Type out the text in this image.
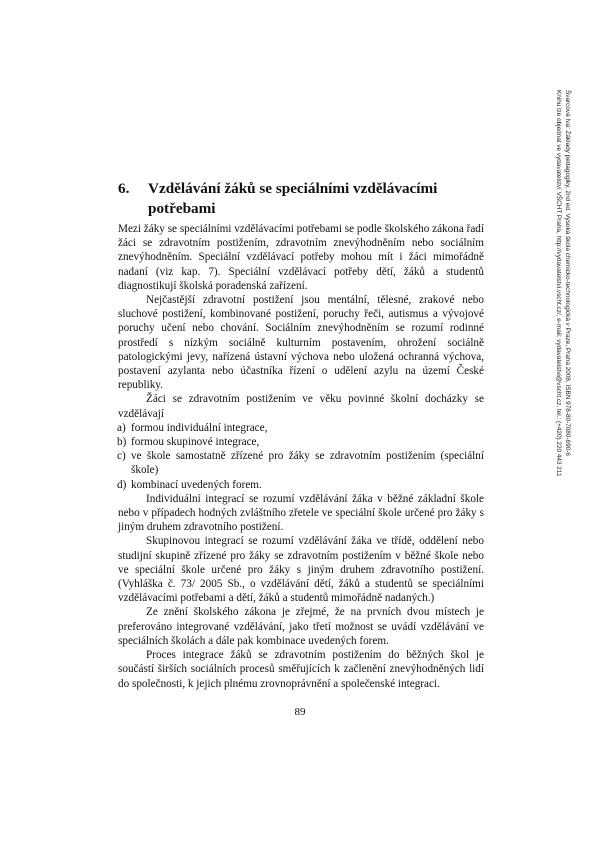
Švarcová Iva: Základy pedagogiky, 2nd ed. Vysoká škola chemicko-technologická v Praze, Praha 2008, ISBN 978-80-7080-690-6
Knihu lze objednat ve vydavatelství VŠCHT Praha, http://vydavatelstvi.vscht.cz/, e-mail: vydavatelstvi@vscht.cz, tel.: (+420) 220 443 211
6. Vzdělávání žáků se speciálními vzdělávacími potřebami

Mezi žáky se speciálními vzdělávacími potřebami se podle školského zákona řadí žáci se zdravotním postižením, zdravotním znevýhodněním nebo sociálním znevýhodněním. Speciální vzdělávací potřeby mohou mít i žáci mimořádně nadaní (viz kap. 7). Speciální vzdělávací potřeby dětí, žáků a studentů diagnostikují školská poradenská zařízení.

Nejčastější zdravotní postižení jsou mentální, tělesné, zrakové nebo sluchové postižení, kombinované postižení, poruchy řeči, autismus a vývojové poruchy učení nebo chování. Sociálním znevýhodněním se rozumí rodinné prostředí s nízkým sociálně kulturním postavením, ohrožení sociálně patologickými jevy, nařízená ústavní výchova nebo uložená ochranná výchova, postavení azylanta nebo účastníka řízení o udělení azylu na území České republiky.

Žáci se zdravotním postižením ve věku povinné školní docházky se vzdělávají

a) formou individuální integrace,
b) formou skupinové integrace,
c) ve škole samostatně zřízené pro žáky se zdravotním postižením (speciální škole)
d) kombinací uvedených forem.

Individuální integrací se rozumí vzdělávání žáka v běžné základní škole nebo v případech hodných zvláštního zřetele ve speciální škole určené pro žáky s jiným druhem zdravotního postižení.

Skupinovou integrací se rozumí vzdělávání žáka ve třídě, oddělení nebo studijní skupině zřízené pro žáky se zdravotním postižením v běžné škole nebo ve speciální škole určené pro žáky s jiným druhem zdravotního postižení. (Vyhláška č. 73/ 2005 Sb., o vzdělávání dětí, žáků a studentů se speciálními vzdělávacími potřebami a dětí, žáků a studentů mimořádně nadaných.)

Ze znění školského zákona je zřejmé, že na prvních dvou místech je preferováno integrované vzdělávání, jako třetí možnost se uvádí vzdělávání ve speciálních školách a dále pak kombinace uvedených forem.

Proces integrace žáků se zdravotním postižením do běžných škol je součástí širších sociálních procesů směřujících k začlenění znevýhodněných lidí do společnosti, k jejich plnému zrovnoprávnění a společenské integraci.

89
